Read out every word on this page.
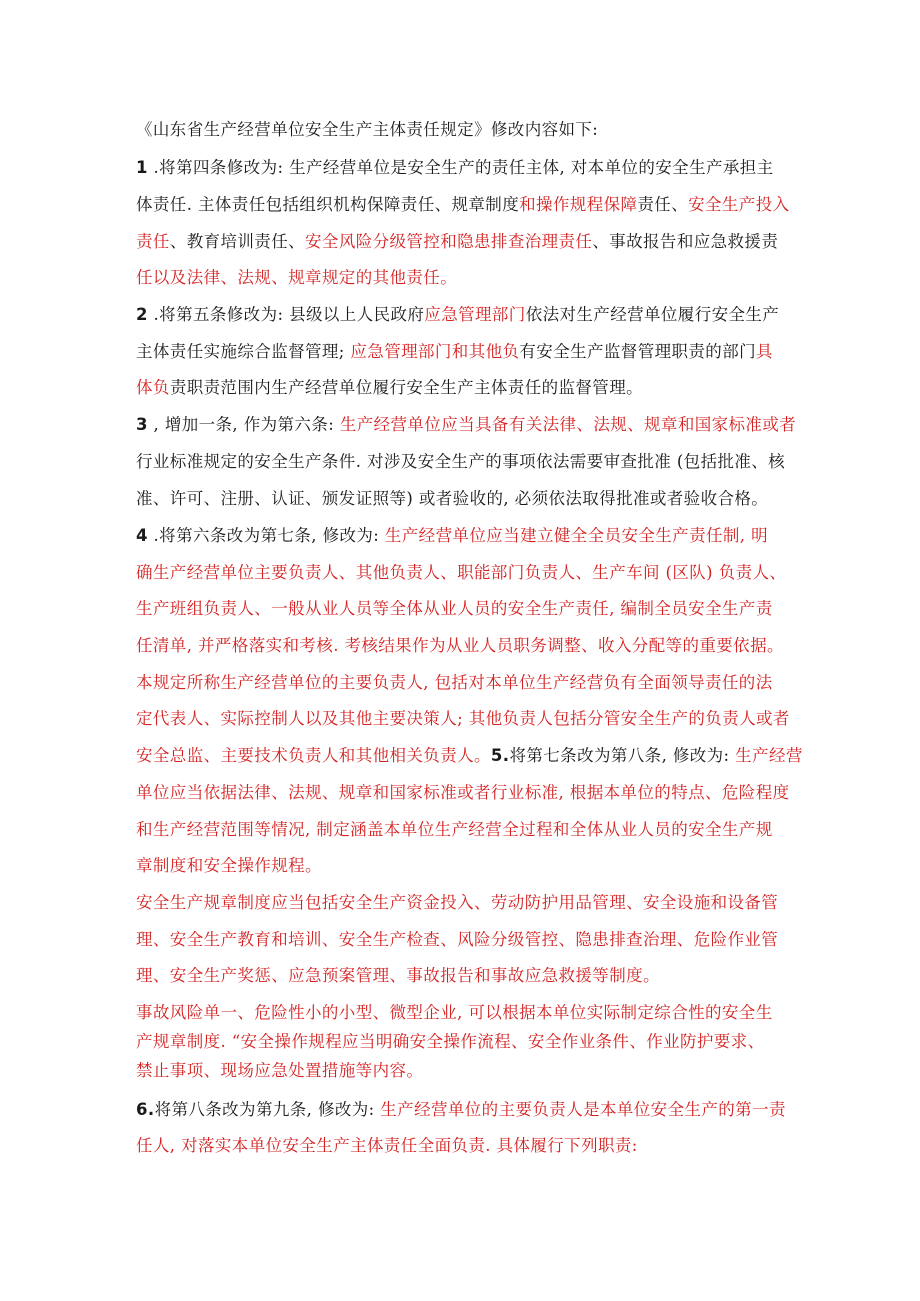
《山东省生产经营单位安全生产主体责任规定》修改内容如下:
1 .将第四条修改为: 生产经营单位是安全生产的责任主体, 对本单位的安全生产承担主
体责任. 主体责任包括组织机构保障责任、规章制度和操作规程保障责任、安全生产投入
责任、教育培训责任、安全风险分级管控和隐患排查治理责任、事故报告和应急救援责
任以及法律、法规、规章规定的其他责任。
2 .将第五条修改为: 县级以上人民政府应急管理部门依法对生产经营单位履行安全生产
主体责任实施综合监督管理; 应急管理部门和其他负有安全生产监督管理职责的部门具
体负责职责范围内生产经营单位履行安全生产主体责任的监督管理。
3 , 增加一条, 作为第六条: 生产经营单位应当具备有关法律、法规、规章和国家标准或者
行业标准规定的安全生产条件. 对涉及安全生产的事项依法需要审查批准 (包括批准、核
准、许可、注册、认证、颁发证照等) 或者验收的, 必须依法取得批准或者验收合格。
4 .将第六条改为第七条, 修改为: 生产经营单位应当建立健全全员安全生产责任制, 明
确生产经营单位主要负责人、其他负责人、职能部门负责人、生产车间 (区队) 负责人、
生产班组负责人、一般从业人员等全体从业人员的安全生产责任, 编制全员安全生产责
任清单, 并严格落实和考核. 考核结果作为从业人员职务调整、收入分配等的重要依据。
本规定所称生产经营单位的主要负责人, 包括对本单位生产经营负有全面领导责任的法
定代表人、实际控制人以及其他主要决策人; 其他负责人包括分管安全生产的负责人或者
安全总监、主要技术负责人和其他相关负责人。5.将第七条改为第八条, 修改为: 生产经营
单位应当依据法律、法规、规章和国家标准或者行业标准, 根据本单位的特点、危险程度
和生产经营范围等情况, 制定涵盖本单位生产经营全过程和全体从业人员的安全生产规
章制度和安全操作规程。
安全生产规章制度应当包括安全生产资金投入、劳动防护用品管理、安全设施和设备管
理、安全生产教育和培训、安全生产检查、风险分级管控、隐患排查治理、危险作业管
理、安全生产奖惩、应急预案管理、事故报告和事故应急救援等制度。
事故风险单一、危险性小的小型、微型企业, 可以根据本单位实际制定综合性的安全生
产规章制度. “安全操作规程应当明确安全操作流程、安全作业条件、作业防护要求、
禁止事项、现场应急处置措施等内容。
6.将第八条改为第九条, 修改为: 生产经营单位的主要负责人是本单位安全生产的第一责
任人, 对落实本单位安全生产主体责任全面负责. 具体履行下列职责:
